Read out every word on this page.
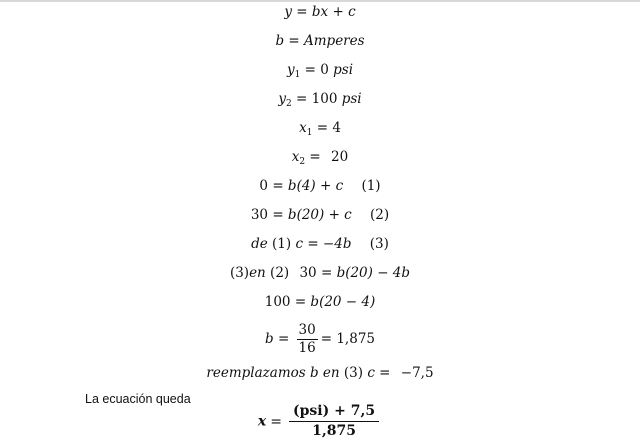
y = bx + c
b = Amperes
$y_1 = 0$ psi
$y_2 = 100$ psi
$x_1 = 4$
$x_2 = 20$
0 = b(4) + c (1)
30 = b(20) + c (2)
de (1) c = −4b (3)
(3)en (2) 30 = b(20) − 4b
100 = b(20 − 4)
$b = \frac{30}{16} = 1,875$
reemplazamos b en (3) c = −7,5
La ecuación queda
$x = \frac{\text{(psi) + 7,5}}{1,875}$
